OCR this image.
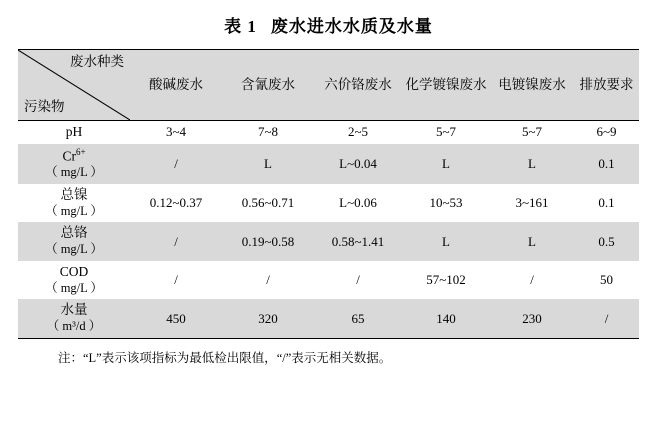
表 1 废水进水水质及水量
废水种类
污染物	酸碱废水	含氰废水	六价铬废水	化学镀镍废水	电镀镍废水	排放要求
pH	3~4	7~8	2~5	5~7	5~7	6~9
$Cr^{6+}$
（ mg/L ）	/	L	L~0.04	L	L	0.1
总镍
（ mg/L ）	0.12~0.37	0.56~0.71	L~0.06	10~53	3~161	0.1
总铬
（ mg/L ）	/	0.19~0.58	0.58~1.41	L	L	0.5
COD
（ mg/L ）	/	/	/	57~102	/	50
水量
（ m³/d ）	450	320	65	140	230	/
注：“L”表示该项指标为最低检出限值，“/”表示无相关数据。
